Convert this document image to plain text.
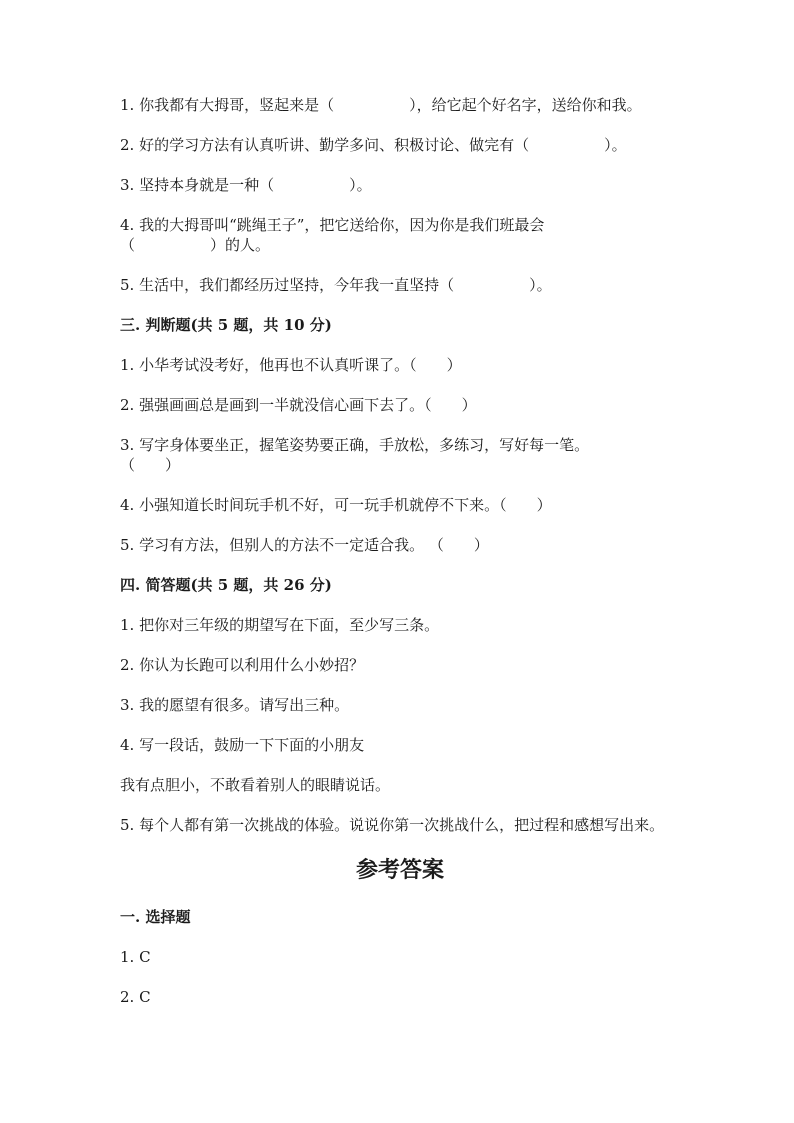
1. 你我都有大拇哥，竖起来是（　　　　　），给它起个好名字，送给你和我。
2. 好的学习方法有认真听讲、勤学多问、积极讨论、做完有（　　　　　）。
3. 坚持本身就是一种（　　　　　）。
4. 我的大拇哥叫“跳绳王子”，把它送给你，因为你是我们班最会（　　　　　）的人。
5. 生活中，我们都经历过坚持，今年我一直坚持（　　　　　）。
三. 判断题(共 5 题，共 10 分)
1. 小华考试没考好，他再也不认真听课了。（　　）
2. 强强画画总是画到一半就没信心画下去了。（　　）
3. 写字身体要坐正，握笔姿势要正确，手放松，多练习，写好每一笔。（　　）
4. 小强知道长时间玩手机不好，可一玩手机就停不下来。（　　）
5. 学习有方法，但别人的方法不一定适合我。 （　　）
四. 简答题(共 5 题，共 26 分)
1. 把你对三年级的期望写在下面，至少写三条。
2. 你认为长跑可以利用什么小妙招？
3. 我的愿望有很多。请写出三种。
4. 写一段话，鼓励一下下面的小朋友
我有点胆小，不敢看着别人的眼睛说话。
5. 每个人都有第一次挑战的体验。说说你第一次挑战什么，把过程和感想写出来。
参考答案
一. 选择题
1. C
2. C
